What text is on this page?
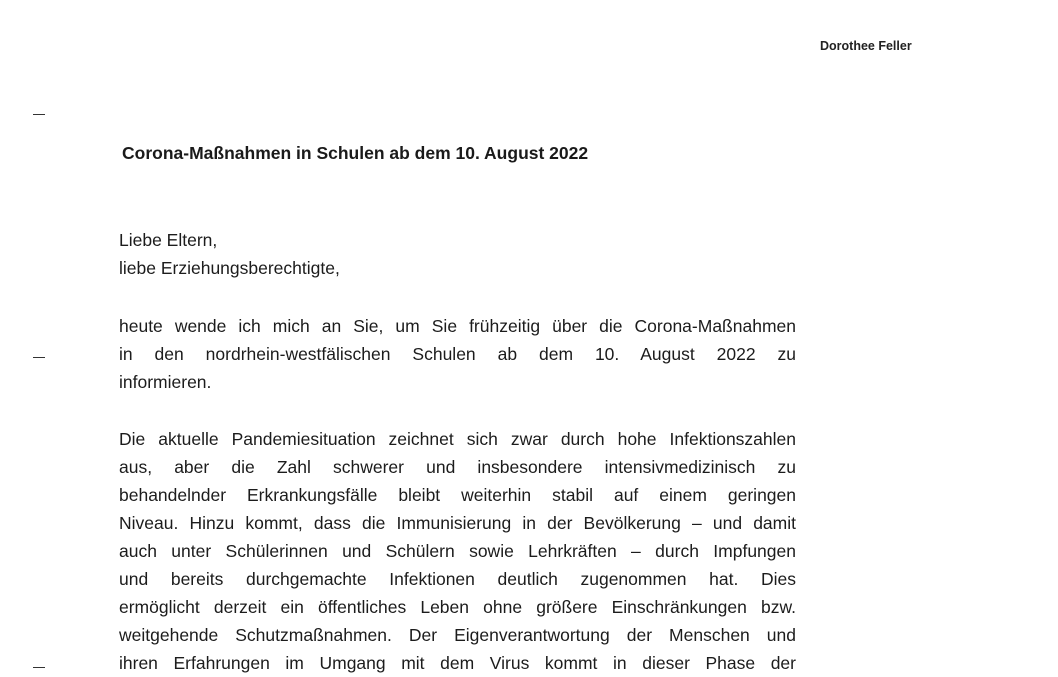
Dorothee Feller
Corona-Maßnahmen in Schulen ab dem 10. August 2022
Liebe Eltern,
liebe Erziehungsberechtigte,
heute wende ich mich an Sie, um Sie frühzeitig über die Corona-Maßnahmen
in den nordrhein-westfälischen Schulen ab dem 10. August 2022 zu
informieren.
Die aktuelle Pandemiesituation zeichnet sich zwar durch hohe Infektionszahlen
aus, aber die Zahl schwerer und insbesondere intensivmedizinisch zu
behandelnder Erkrankungsfälle bleibt weiterhin stabil auf einem geringen
Niveau. Hinzu kommt, dass die Immunisierung in der Bevölkerung – und damit
auch unter Schülerinnen und Schülern sowie Lehrkräften – durch Impfungen
und bereits durchgemachte Infektionen deutlich zugenommen hat. Dies
ermöglicht derzeit ein öffentliches Leben ohne größere Einschränkungen bzw.
weitgehende Schutzmaßnahmen. Der Eigenverantwortung der Menschen und
ihren Erfahrungen im Umgang mit dem Virus kommt in dieser Phase der
